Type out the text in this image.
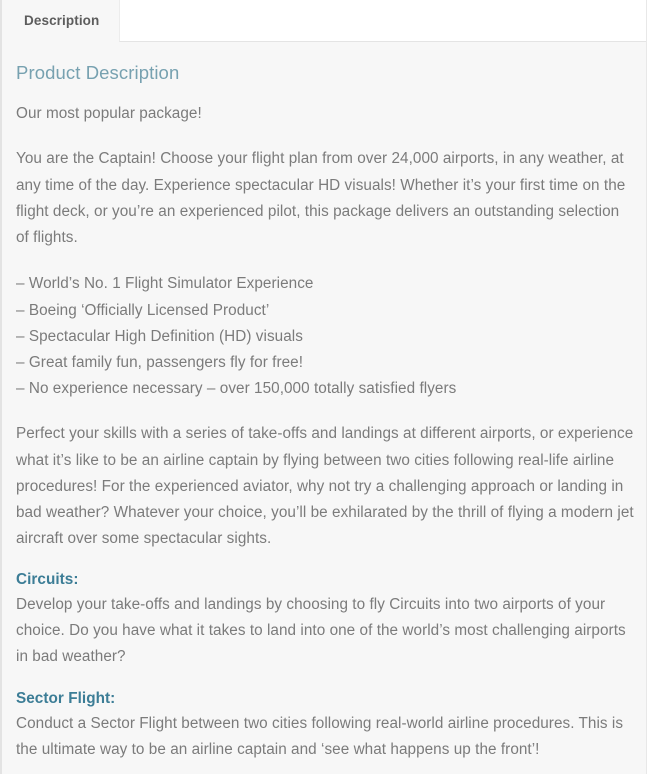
Description
Product Description

Our most popular package!

You are the Captain! Choose your flight plan from over 24,000 airports, in any weather, at any time of the day. Experience spectacular HD visuals! Whether it’s your first time on the flight deck, or you’re an experienced pilot, this package delivers an outstanding selection of flights.

– World’s No. 1 Flight Simulator Experience
– Boeing ‘Officially Licensed Product’
– Spectacular High Definition (HD) visuals
– Great family fun, passengers fly for free!
– No experience necessary – over 150,000 totally satisfied flyers

Perfect your skills with a series of take-offs and landings at different airports, or experience what it’s like to be an airline captain by flying between two cities following real-life airline procedures! For the experienced aviator, why not try a challenging approach or landing in bad weather? Whatever your choice, you’ll be exhilarated by the thrill of flying a modern jet aircraft over some spectacular sights.

Circuits:

Develop your take-offs and landings by choosing to fly Circuits into two airports of your choice. Do you have what it takes to land into one of the world’s most challenging airports in bad weather?

Sector Flight:

Conduct a Sector Flight between two cities following real-world airline procedures. This is the ultimate way to be an airline captain and ‘see what happens up the front’!
